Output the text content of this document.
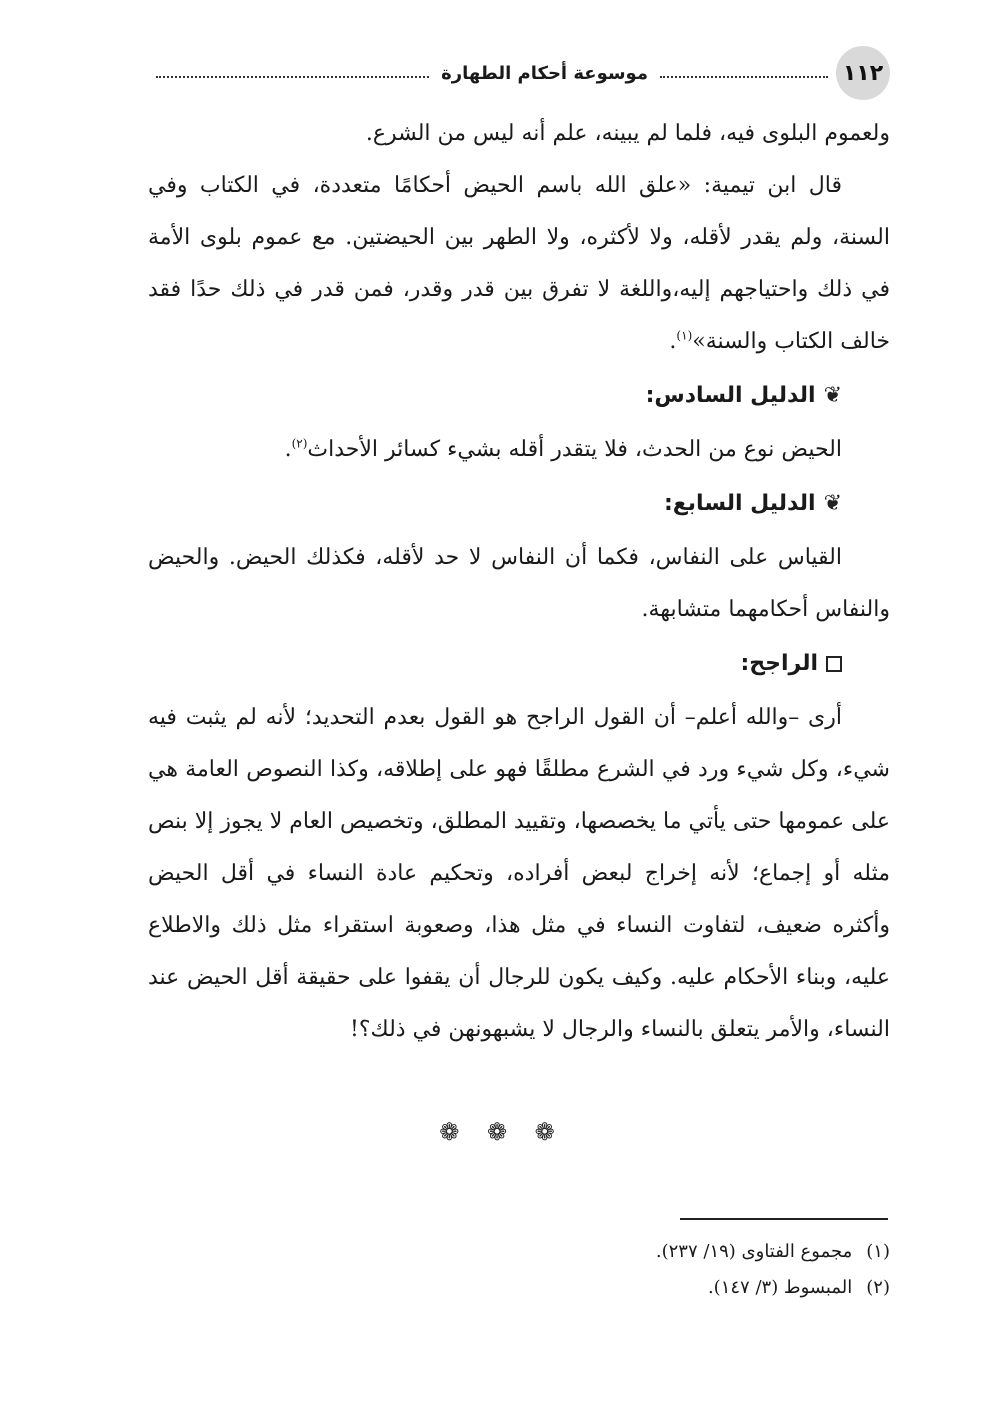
١١٢
موسوعة أحكام الطهارة

ولعموم البلوى فيه، فلما لم يبينه، علم أنه ليس من الشرع.

قال ابن تيمية: «علق الله باسم الحيض أحكامًا متعددة، في الكتاب وفي السنة، ولم يقدر لأقله، ولا لأكثره، ولا الطهر بين الحيضتين. مع عموم بلوى الأمة في ذلك واحتياجهم إليه،واللغة لا تفرق بين قدر وقدر، فمن قدر في ذلك حدًا فقد خالف الكتاب والسنة»$^{(١)}$.

❦
الدليل السادس:

الحيض نوع من الحدث، فلا يتقدر أقله بشيء كسائر الأحداث$^{(٢)}$.

❦
الدليل السابع:

القياس على النفاس، فكما أن النفاس لا حد لأقله، فكذلك الحيض. والحيض والنفاس أحكامهما متشابهة.

الراجح:

أرى –والله أعلم– أن القول الراجح هو القول بعدم التحديد؛ لأنه لم يثبت فيه شيء، وكل شيء ورد في الشرع مطلقًا فهو على إطلاقه، وكذا النصوص العامة هي على عمومها حتى يأتي ما يخصصها، وتقييد المطلق، وتخصيص العام لا يجوز إلا بنص مثله أو إجماع؛ لأنه إخراج لبعض أفراده، وتحكيم عادة النساء في أقل الحيض وأكثره ضعيف، لتفاوت النساء في مثل هذا، وصعوبة استقراء مثل ذلك والاطلاع عليه، وبناء الأحكام عليه. وكيف يكون للرجال أن يقفوا على حقيقة أقل الحيض عند النساء، والأمر يتعلق بالنساء والرجال لا يشبهونهن في ذلك؟!

❁ ❁ ❁
(١)
مجموع الفتاوى (١٩/ ٢٣٧).
(٢)
المبسوط (٣/ ١٤٧).
